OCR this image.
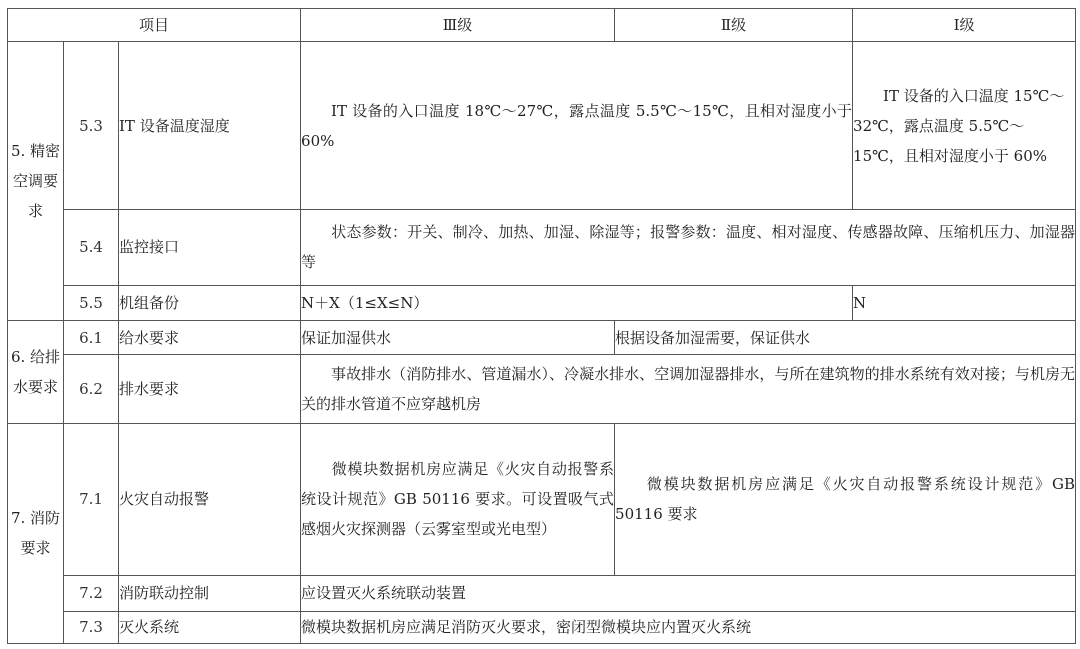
项目			Ⅲ级	Ⅱ级	Ⅰ级
5. 精密空调要求	5.3	IT 设备温度湿度	IT 设备的入口温度 18℃～27℃，露点温度 5.5℃～15℃，且相对湿度小于 60%		IT 设备的入口温度 15℃～32℃，露点温度 5.5℃～15℃，且相对湿度小于 60%
	5.4	监控接口	状态参数：开关、制冷、加热、加湿、除湿等；报警参数：温度、相对湿度、传感器故障、压缩机压力、加湿器等		
	5.5	机组备份	N＋X（1≤X≤N）		N
6. 给排水要求	6.1	给水要求	保证加湿供水	根据设备加湿需要，保证供水	
	6.2	排水要求	事故排水（消防排水、管道漏水）、冷凝水排水、空调加湿器排水，与所在建筑物的排水系统有效对接；与机房无关的排水管道不应穿越机房		
7. 消防要求	7.1	火灾自动报警	微模块数据机房应满足《火灾自动报警系统设计规范》GB 50116 要求。可设置吸气式感烟火灾探测器（云雾室型或光电型）	微模块数据机房应满足《火灾自动报警系统设计规范》GB 50116 要求	
	7.2	消防联动控制	应设置灭火系统联动装置		
	7.3	灭火系统	微模块数据机房应满足消防灭火要求，密闭型微模块应内置灭火系统		
